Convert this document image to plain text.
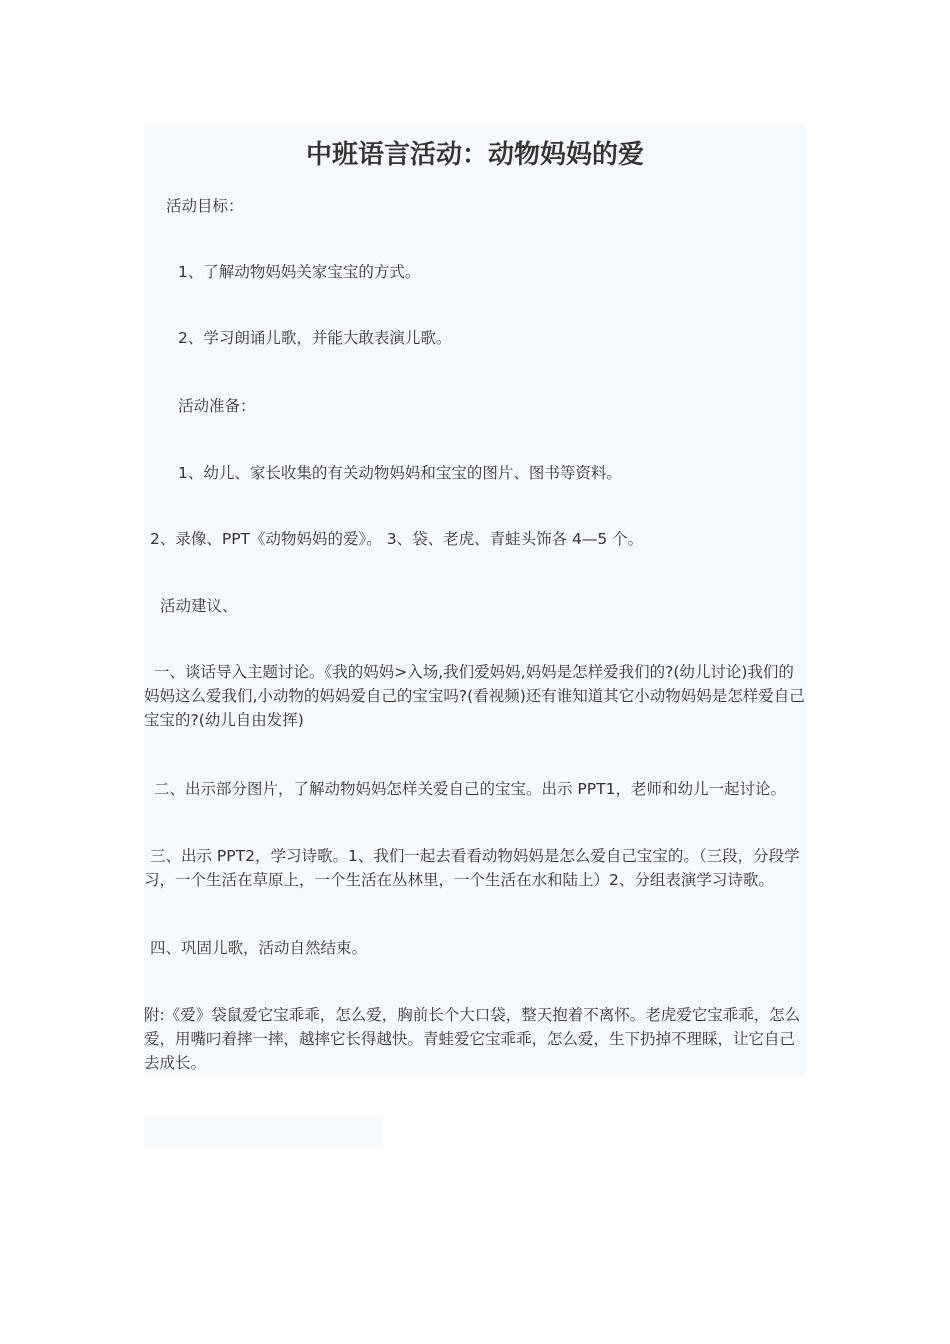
中班语言活动：动物妈妈的爱

活动目标：

1、了解动物妈妈关家宝宝的方式。

2、学习朗诵儿歌，并能大敢表演儿歌。

活动准备：

1、幼儿、家长收集的有关动物妈妈和宝宝的图片、图书等资料。

2、录像、PPT《动物妈妈的爱》。 3、袋、老虎、青蛙头饰各 4—5 个。

活动建议、

一、谈话导入主题讨论。《我的妈妈>入场,我们爱妈妈,妈妈是怎样爱我们的?(幼儿讨论)我们的妈妈这么爱我们,小动物的妈妈爱自己的宝宝吗?(看视频)还有谁知道其它小动物妈妈是怎样爱自己宝宝的?(幼儿自由发挥)

二、出示部分图片，了解动物妈妈怎样关爱自己的宝宝。出示 PPT1，老师和幼儿一起讨论。

三、出示 PPT2，学习诗歌。1、我们一起去看看动物妈妈是怎么爱自己宝宝的。（三段，分段学习，一个生活在草原上，一个生活在丛林里，一个生活在水和陆上）2、分组表演学习诗歌。

四、巩固儿歌，活动自然结束。

附:《爱》袋鼠爱它宝乖乖，怎么爱，胸前长个大口袋，整天抱着不离怀。老虎爱它宝乖乖，怎么爱，用嘴叼着摔一摔，越摔它长得越快。青蛙爱它宝乖乖，怎么爱，生下扔掉不理睬，让它自己去成长。
